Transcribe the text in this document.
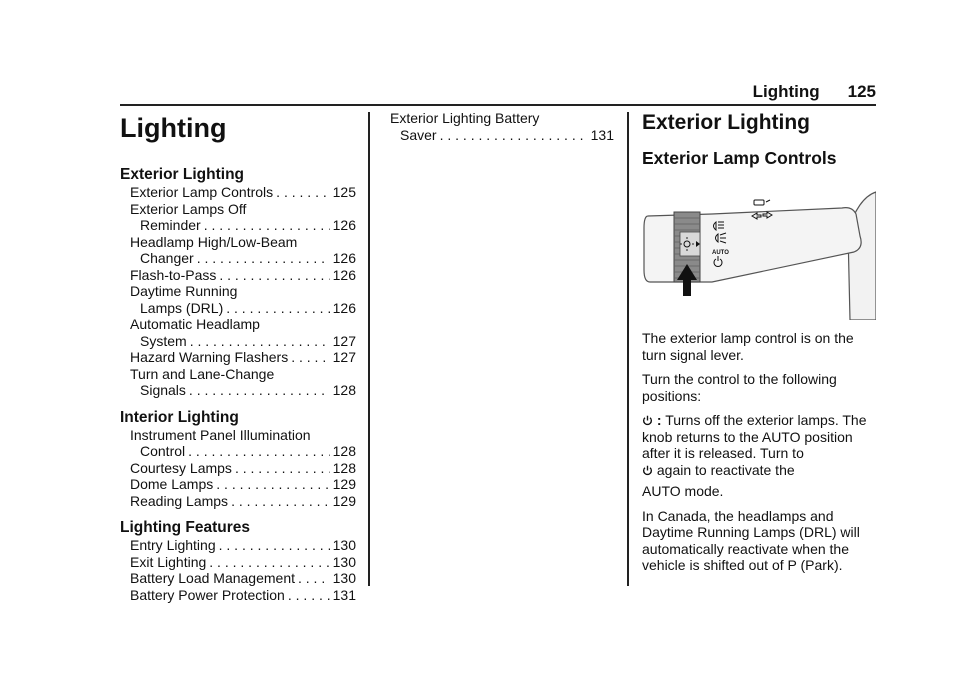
Lighting 125
Lighting
Exterior Lighting
Exterior Lamp Controls . . .	125
Exterior Lamps Off
Reminder . . .	126
Headlamp High/Low-Beam
Changer . . .	126
Flash-to-Pass . . .	126
Daytime Running
Lamps (DRL) . . .	126
Automatic Headlamp
System . . .	127
Hazard Warning Flashers . . .	127
Turn and Lane-Change
Signals . . .	128
Interior Lighting
Instrument Panel Illumination
Control . . .	128
Courtesy Lamps . . .	128
Dome Lamps . . .	129
Reading Lamps . . .	129
Lighting Features
Entry Lighting . . .	130
Exit Lighting . . .	130
Battery Load Management . . .	130
Battery Power Protection . . .	131
Exterior Lighting Battery
Saver . . .	131
Exterior Lighting
Exterior Lamp Controls
AUTO

The exterior lamp control is on the turn signal lever.

Turn the control to the following positions:

: Turns off the exterior lamps. The knob returns to the AUTO position after it is released. Turn to
again to reactivate the

AUTO mode.

In Canada, the headlamps and Daytime Running Lamps (DRL) will automatically reactivate when the vehicle is shifted out of P (Park).
